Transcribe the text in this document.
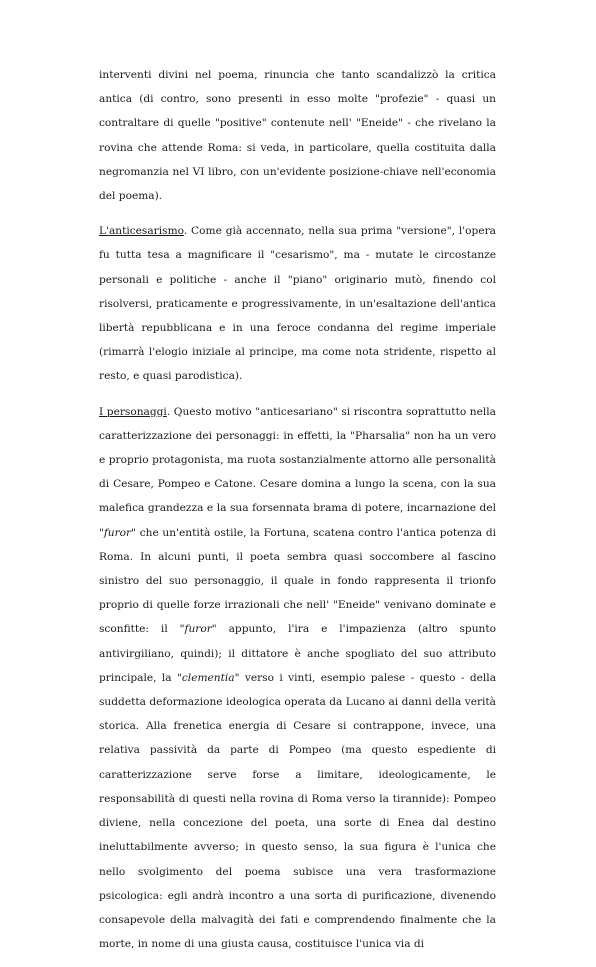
interventi divini nel poema, rinuncia che tanto scandalizzò la critica antica (di contro, sono presenti in esso molte "profezie" - quasi un contraltare di quelle "positive" contenute nell' "Eneide" - che rivelano la rovina che attende Roma: si veda, in particolare, quella costituita dalla negromanzia nel VI libro, con un'evidente posizione-chiave nell'economia del poema).

L'anticesarismo. Come già accennato, nella sua prima "versione", l'opera fu tutta tesa a magnificare il "cesarismo", ma - mutate le circostanze personali e politiche - anche il "piano" originario mutò, finendo col risolversi, praticamente e progressivamente, in un'esaltazione dell'antica libertà repubblicana e in una feroce condanna del regime imperiale (rimarrà l'elogio iniziale al principe, ma come nota stridente, rispetto al resto, e quasi parodistica).

I personaggi. Questo motivo "anticesariano" si riscontra soprattutto nella caratterizzazione dei personaggi: in effetti, la "Pharsalia" non ha un vero e proprio protagonista, ma ruota sostanzialmente attorno alle personalità di Cesare, Pompeo e Catone. Cesare domina a lungo la scena, con la sua malefica grandezza e la sua forsennata brama di potere, incarnazione del "furor" che un'entità ostile, la Fortuna, scatena contro l'antica potenza di Roma. In alcuni punti, il poeta sembra quasi soccombere al fascino sinistro del suo personaggio, il quale in fondo rappresenta il trionfo proprio di quelle forze irrazionali che nell' "Eneide" venivano dominate e sconfitte: il "furor" appunto, l'ira e l'impazienza (altro spunto antivirgiliano, quindi); il dittatore è anche spogliato del suo attributo principale, la "clementia" verso i vinti, esempio palese - questo - della suddetta deformazione ideologica operata da Lucano ai danni della verità storica. Alla frenetica energia di Cesare si contrappone, invece, una relativa passività da parte di Pompeo (ma questo espediente di caratterizzazione serve forse a limitare, ideologicamente, le responsabilità di questi nella rovina di Roma verso la tirannide): Pompeo diviene, nella concezione del poeta, una sorte di Enea dal destino ineluttabilmente avverso; in questo senso, la sua figura è l'unica che nello svolgimento del poema subisce una vera trasformazione psicologica: egli andrà incontro a una sorta di purificazione, divenendo consapevole della malvagità dei fati e comprendendo finalmente che la morte, in nome di una giusta causa, costituisce l'unica via di
